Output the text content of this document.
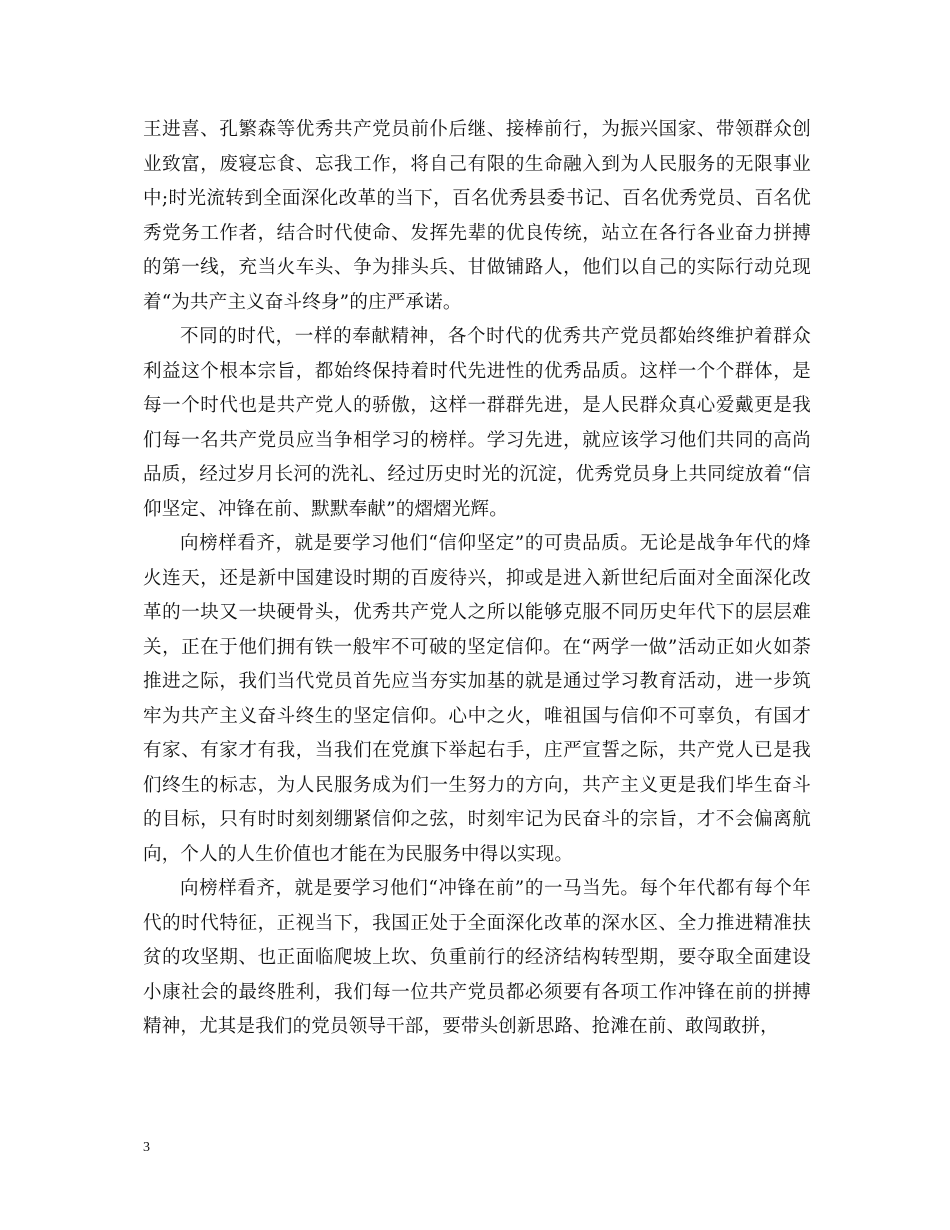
王进喜、孔繁森等优秀共产党员前仆后继、接棒前行，为振兴国家、带领群众创业致富，废寝忘食、忘我工作，将自己有限的生命融入到为人民服务的无限事业中;时光流转到全面深化改革的当下，百名优秀县委书记、百名优秀党员、百名优秀党务工作者，结合时代使命、发挥先辈的优良传统，站立在各行各业奋力拼搏的第一线，充当火车头、争为排头兵、甘做铺路人，他们以自己的实际行动兑现着“为共产主义奋斗终身”的庄严承诺。

不同的时代，一样的奉献精神，各个时代的优秀共产党员都始终维护着群众利益这个根本宗旨，都始终保持着时代先进性的优秀品质。这样一个个群体，是每一个时代也是共产党人的骄傲，这样一群群先进，是人民群众真心爱戴更是我们每一名共产党员应当争相学习的榜样。学习先进，就应该学习他们共同的高尚品质，经过岁月长河的洗礼、经过历史时光的沉淀，优秀党员身上共同绽放着“信仰坚定、冲锋在前、默默奉献”的熠熠光辉。

向榜样看齐，就是要学习他们“信仰坚定”的可贵品质。无论是战争年代的烽火连天，还是新中国建设时期的百废待兴，抑或是进入新世纪后面对全面深化改革的一块又一块硬骨头，优秀共产党人之所以能够克服不同历史年代下的层层难关，正在于他们拥有铁一般牢不可破的坚定信仰。在“两学一做”活动正如火如荼推进之际，我们当代党员首先应当夯实加基的就是通过学习教育活动，进一步筑牢为共产主义奋斗终生的坚定信仰。心中之火，唯祖国与信仰不可辜负，有国才有家、有家才有我，当我们在党旗下举起右手，庄严宣誓之际，共产党人已是我们终生的标志，为人民服务成为们一生努力的方向，共产主义更是我们毕生奋斗的目标，只有时时刻刻绷紧信仰之弦，时刻牢记为民奋斗的宗旨，才不会偏离航向，个人的人生价值也才能在为民服务中得以实现。

向榜样看齐，就是要学习他们“冲锋在前”的一马当先。每个年代都有每个年代的时代特征，正视当下，我国正处于全面深化改革的深水区、全力推进精准扶贫的攻坚期、也正面临爬坡上坎、负重前行的经济结构转型期，要夺取全面建设小康社会的最终胜利，我们每一位共产党员都必须要有各项工作冲锋在前的拼搏精神，尤其是我们的党员领导干部，要带头创新思路、抢滩在前、敢闯敢拼，

3
